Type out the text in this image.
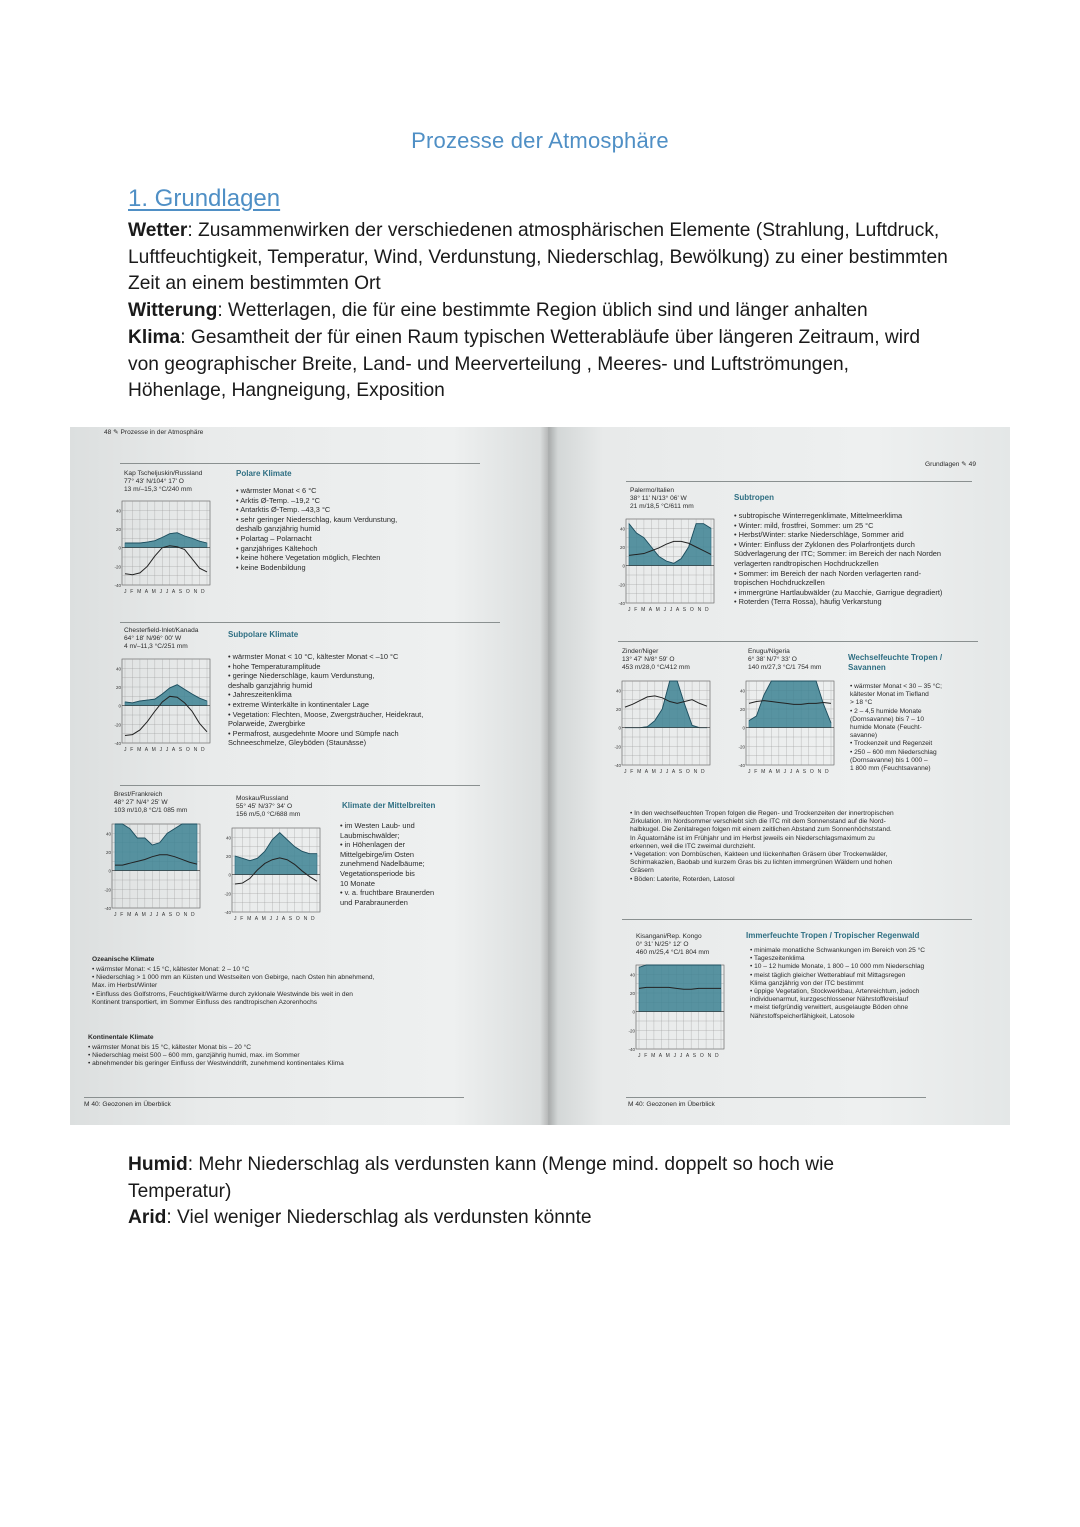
Prozesse der Atmosphäre
1. Grundlagen

Wetter: Zusammenwirken der verschiedenen atmosphärischen Elemente (Strahlung, Luftdruck, Luftfeuchtigkeit, Temperatur, Wind, Verdunstung, Niederschlag, Bewölkung) zu einer bestimmten Zeit an einem bestimmten Ort

Witterung: Wetterlagen, die für eine bestimmte Region üblich sind und länger anhalten

Klima: Gesamtheit der für einen Raum typischen Wetterabläufe über längeren Zeitraum, wird von geographischer Breite, Land- und Meerverteilung , Meeres- und Luftströmungen, Höhenlage, Hangneigung, Exposition

48 ✎ Prozesse in der Atmosphäre
Grundlagen ✎ 49
Kap Tscheljuskin/Russland
77° 43' N/104° 17' O
13 m/–15,3 °C/240 mm
40
20
0
-20
-40
J F M A M J J A S O N D
Polare Klimate
• wärmster Monat < 6 °C
• Arktis Ø-Temp. –19,2 °C
• Antarktis Ø-Temp. –43,3 °C
• sehr geringer Niederschlag, kaum Verdunstung,
deshalb ganzjährig humid
• Polartag – Polarnacht
• ganzjähriges Kältehoch
• keine höhere Vegetation möglich, Flechten
• keine Bodenbildung
Chesterfield-Inlet/Kanada
64° 18' N/96° 00' W
4 m/–11,3 °C/251 mm
40
20
0
-20
-40
J F M A M J J A S O N D
Subpolare Klimate
• wärmster Monat < 10 °C, kältester Monat < –10 °C
• hohe Temperaturamplitude
• geringe Niederschläge, kaum Verdunstung,
deshalb ganzjährig humid
• Jahreszeitenklima
• extreme Winterkälte in kontinentaler Lage
• Vegetation: Flechten, Moose, Zwergsträucher, Heidekraut,
Polarweide, Zwergbirke
• Permafrost, ausgedehnte Moore und Sümpfe nach
Schneeschmelze, Gleyböden (Staunässe)
Brest/Frankreich
48° 27' N/4° 25' W
103 m/10,8 °C/1 085 mm
40
20
0
-20
-40
J F M A M J J A S O N D
Moskau/Russland
55° 45' N/37° 34' O
156 m/5,0 °C/688 mm
40
20
0
-20
-40
J F M A M J J A S O N D
Klimate der Mittelbreiten
• im Westen Laub- und
Laubmischwälder;
• in Höhenlagen der
Mittelgebirge/im Osten
zunehmend Nadelbäume;
Vegetationsperiode bis
10 Monate
• v. a. fruchtbare Braunerden
und Parabraunerden
Ozeanische Klimate
• wärmster Monat: < 15 °C, kältester Monat: 2 – 10 °C
• Niederschlag > 1 000 mm an Küsten und Westseiten von Gebirge, nach Osten hin abnehmend,
Max. im Herbst/Winter
• Einfluss des Golfstroms, Feuchtigkeit/Wärme durch zyklonale Westwinde bis weit in den
Kontinent transportiert, im Sommer Einfluss des randtropischen Azorenhochs
Kontinentale Klimate
• wärmster Monat bis 15 °C, kältester Monat bis – 20 °C
• Niederschlag meist 500 – 600 mm, ganzjährig humid, max. im Sommer
• abnehmender bis geringer Einfluss der Westwinddrift, zunehmend kontinentales Klima
M 40: Geozonen im Überblick
Palermo/Italien
38° 11' N/13° 06' W
21 m/18,5 °C/611 mm
40
20
0
-20
-40
J F M A M J J A S O N D
Subtropen
• subtropische Winterregenklimate, Mittelmeerklima
• Winter: mild, frostfrei, Sommer: um 25 °C
• Herbst/Winter: starke Niederschläge, Sommer arid
• Winter: Einfluss der Zyklonen des Polarfrontjets durch
Südverlagerung der ITC; Sommer: im Bereich der nach Norden
verlagerten randtropischen Hochdruckzellen
• Sommer: im Bereich der nach Norden verlagerten rand-
tropischen Hochdruckzellen
• immergrüne Hartlaubwälder (zu Macchie, Garrigue degradiert)
• Roterden (Terra Rossa), häufig Verkarstung
Zinder/Niger
13° 47' N/8° 59' O
453 m/28,0 °C/412 mm
40
20
0
-20
-40
J F M A M J J A S O N D
Enugu/Nigeria
6° 38' N/7° 33' O
140 m/27,3 °C/1 754 mm
40
20
0
-20
-40
J F M A M J J A S O N D
Wechselfeuchte Tropen /
Savannen
• wärmster Monat < 30 – 35 °C;
kältester Monat im Tiefland
> 18 °C
• 2 – 4,5 humide Monate
(Dornsavanne) bis 7 – 10
humide Monate (Feucht-
savanne)
• Trockenzeit und Regenzeit
• 250 – 600 mm Niederschlag
(Dornsavanne) bis 1 000 –
1 800 mm (Feuchtsavanne)
• In den wechselfeuchten Tropen folgen die Regen- und Trockenzeiten der innertropischen
Zirkulation. Im Nordsommer verschiebt sich die ITC mit dem Sonnenstand auf die Nord-
halbkugel. Die Zenitalregen folgen mit einem zeitlichen Abstand zum Sonnenhöchststand.
In Äquatornähe ist im Frühjahr und im Herbst jeweils ein Niederschlagsmaximum zu
erkennen, weil die ITC zweimal durchzieht.
• Vegetation: von Dornbüschen, Kakteen und lückenhaften Gräsern über Trockenwälder,
Schirmakazien, Baobab und kurzem Gras bis zu lichten immergrünen Wäldern und hohen
Gräsern
• Böden: Laterite, Roterden, Latosol
Kisangani/Rep. Kongo
0° 31' N/25° 12' O
460 m/25,4 °C/1 804 mm
40
20
0
-20
-40
J F M A M J J A S O N D
Immerfeuchte Tropen / Tropischer Regenwald
• minimale monatliche Schwankungen im Bereich von 25 °C
• Tageszeitenklima
• 10 – 12 humide Monate, 1 800 – 10 000 mm Niederschlag
• meist täglich gleicher Wetterablauf mit Mittagsregen
Klima ganzjährig von der ITC bestimmt
• üppige Vegetation, Stockwerkbau, Artenreichtum, jedoch
individuenarmut, kurzgeschlossener Nährstoffkreislauf
• meist tiefgründig verwittert, ausgelaugte Böden ohne
Nährstoffspeicherfähigkeit, Latosole
M 40: Geozonen im Überblick

Humid: Mehr Niederschlag als verdunsten kann (Menge mind. doppelt so hoch wie Temperatur)

Arid: Viel weniger Niederschlag als verdunsten könnte
